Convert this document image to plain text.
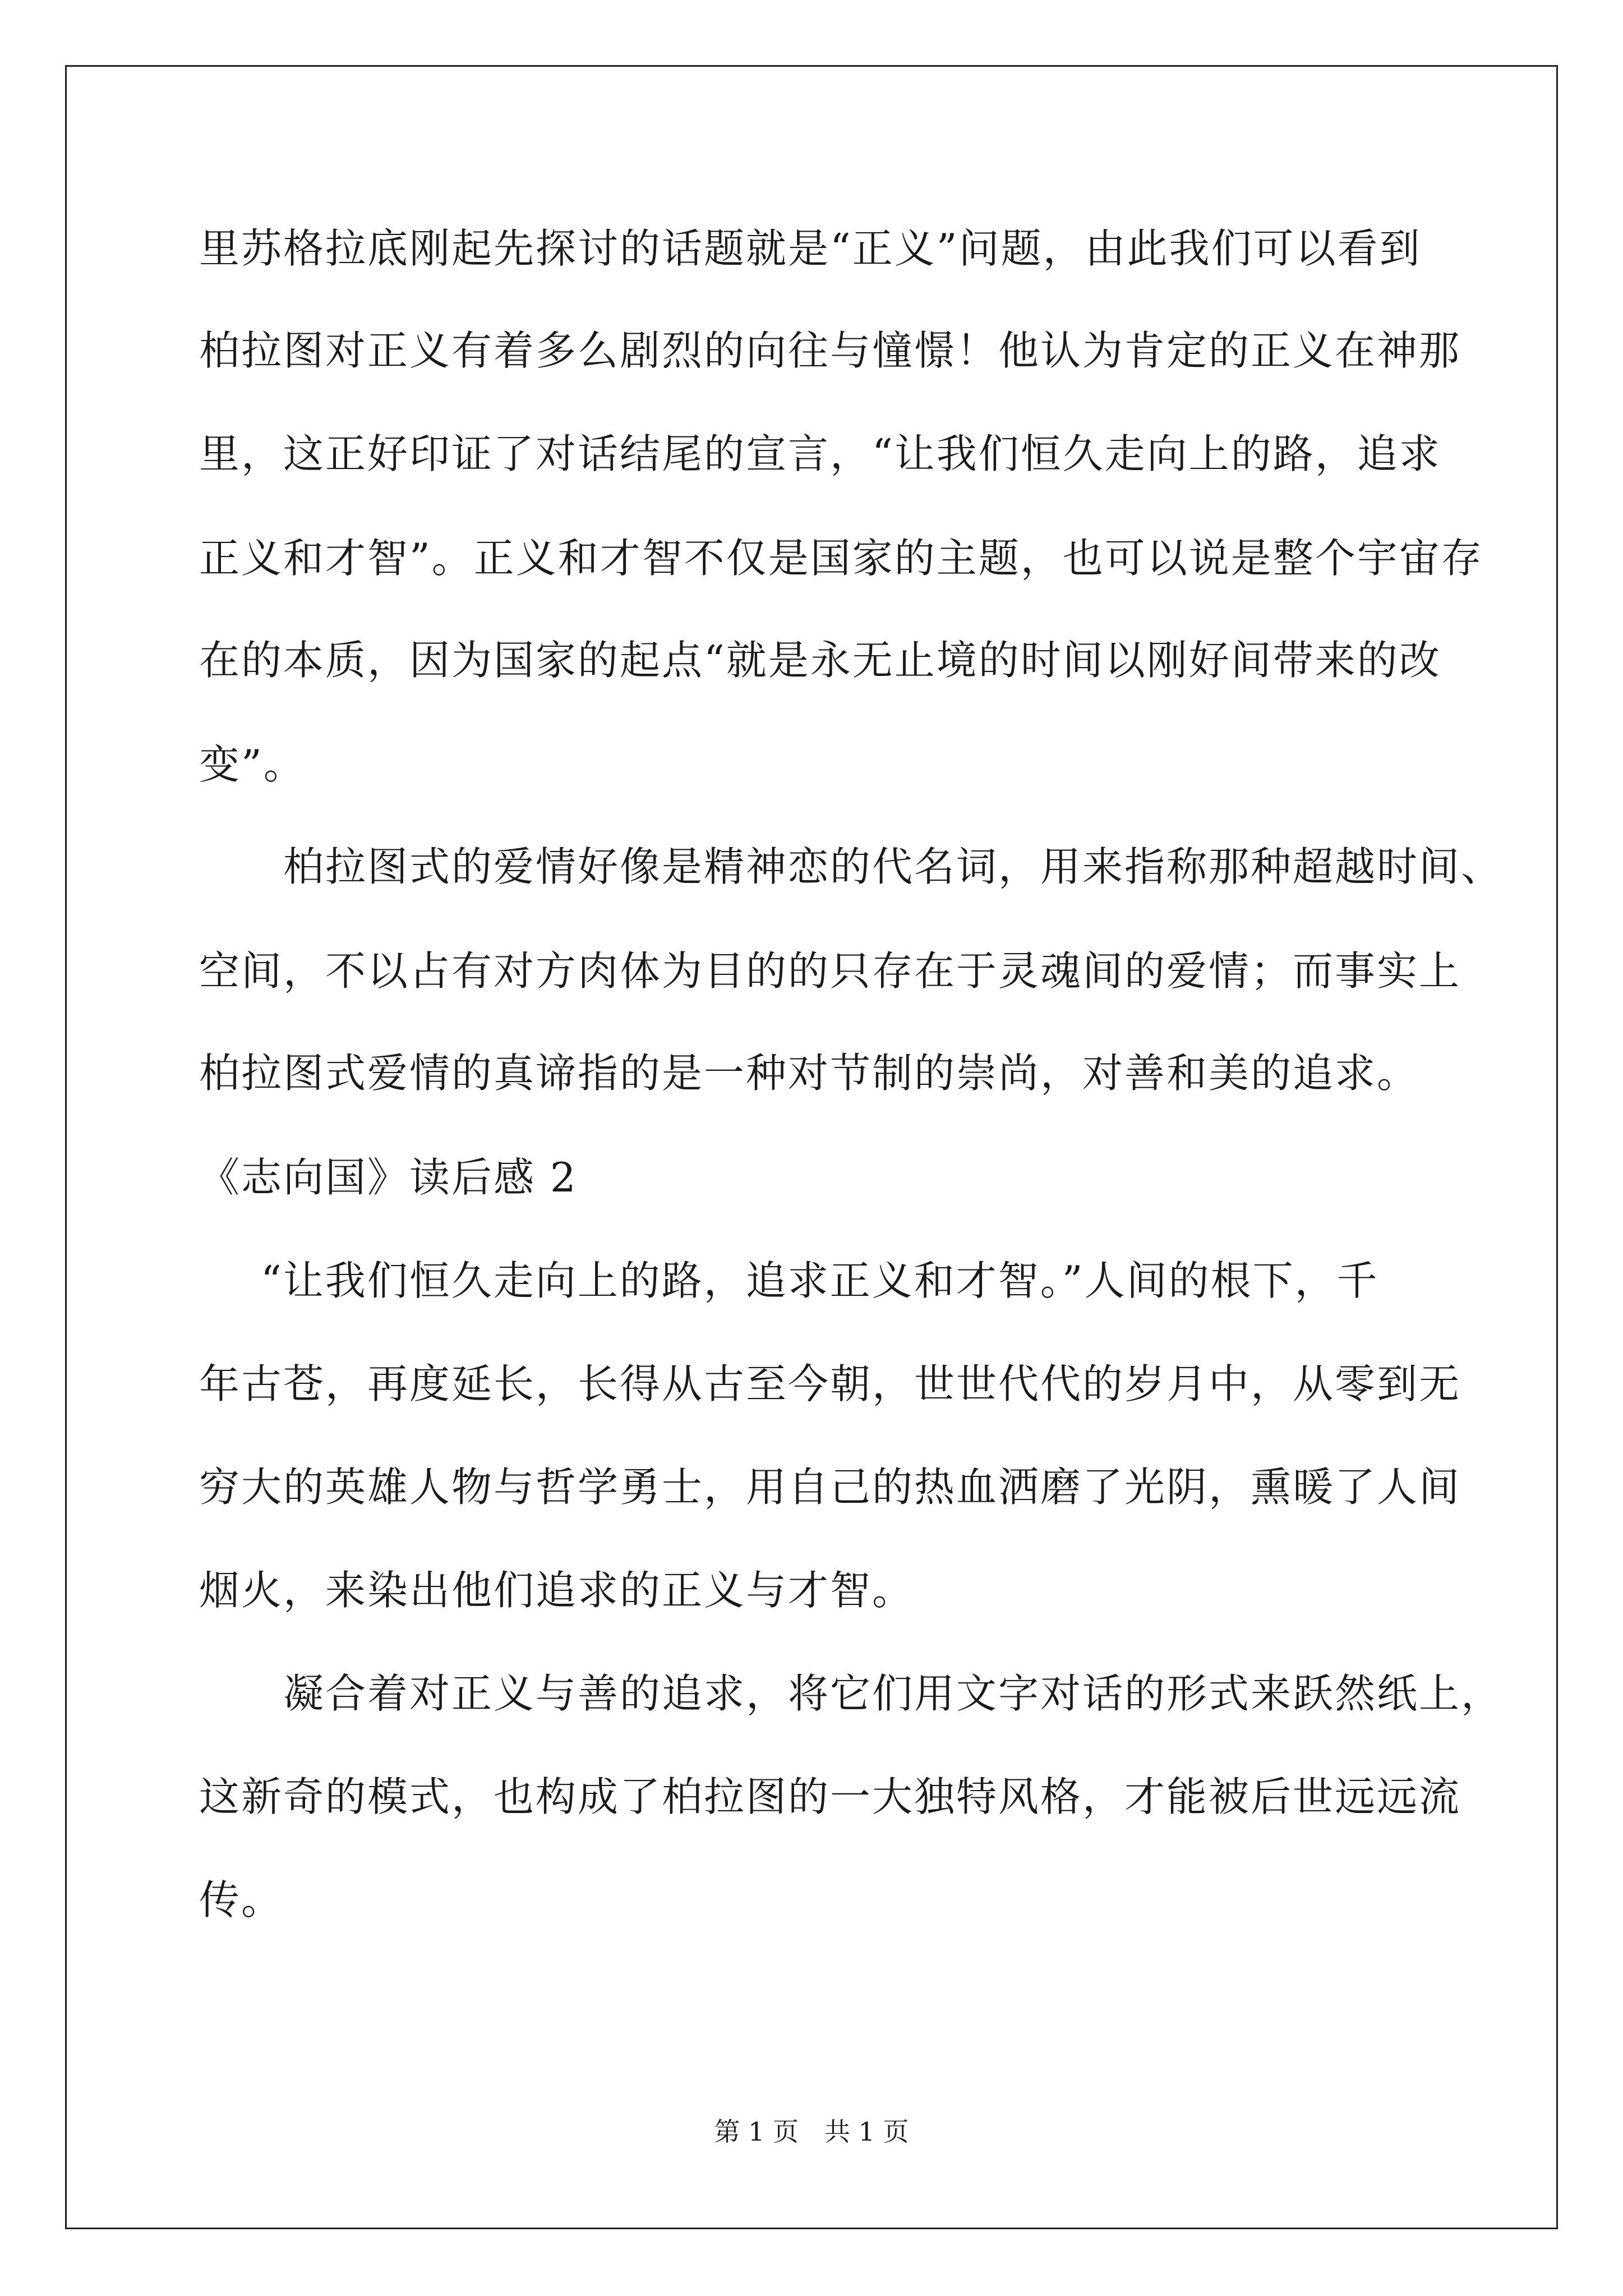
里苏格拉底刚起先探讨的话题就是“正义”问题，由此我们可以看到
柏拉图对正义有着多么剧烈的向往与憧憬！他认为肯定的正义在神那
里，这正好印证了对话结尾的宣言，“让我们恒久走向上的路，追求
正义和才智”。正义和才智不仅是国家的主题，也可以说是整个宇宙存
在的本质，因为国家的起点“就是永无止境的时间以刚好间带来的改
变”。
柏拉图式的爱情好像是精神恋的代名词，用来指称那种超越时间、
空间，不以占有对方肉体为目的的只存在于灵魂间的爱情；而事实上
柏拉图式爱情的真谛指的是一种对节制的崇尚，对善和美的追求。
《志向国》读后感 2
“让我们恒久走向上的路，追求正义和才智。”人间的根下，千
年古苍，再度延长，长得从古至今朝，世世代代的岁月中，从零到无
穷大的英雄人物与哲学勇士，用自己的热血洒磨了光阴，熏暖了人间
烟火，来染出他们追求的正义与才智。
凝合着对正义与善的追求，将它们用文字对话的形式来跃然纸上，
这新奇的模式，也构成了柏拉图的一大独特风格，才能被后世远远流
传。
第 1 页　共 1 页
